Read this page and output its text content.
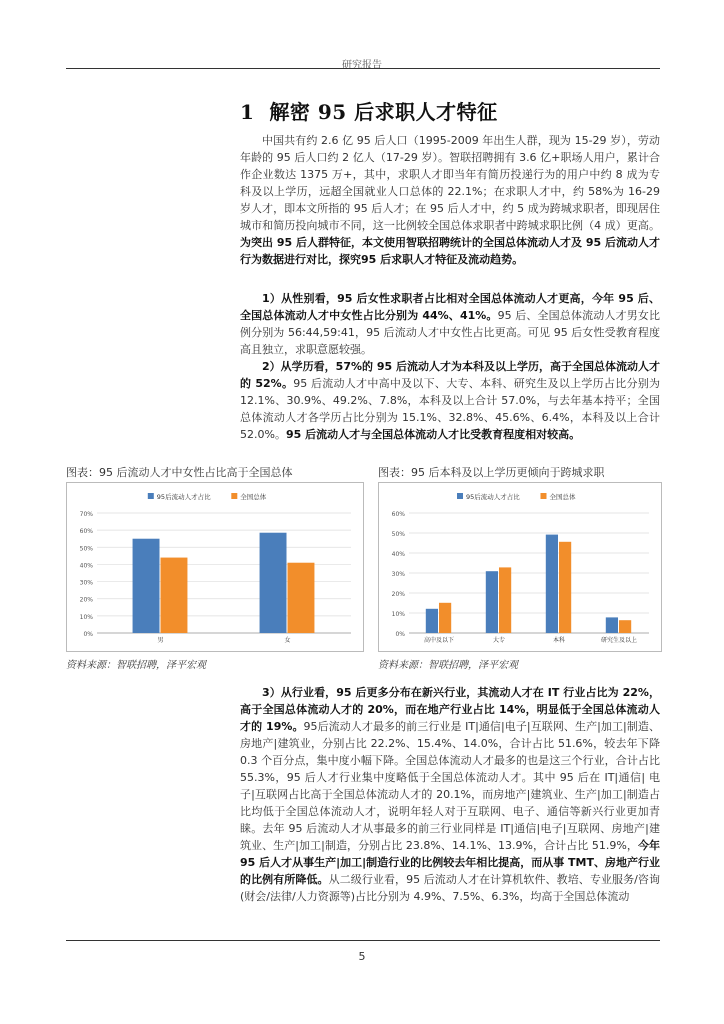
研究报告
1 解密 95 后求职人才特征

中国共有约 2.6 亿 95 后人口（1995-2009 年出生人群，现为 15-29 岁），劳动年龄的 95 后人口约 2 亿人（17-29 岁）。智联招聘拥有 3.6 亿+职场人用户，累计合作企业数达 1375 万+，其中，求职人才即当年有简历投递行为的用户中约 8 成为专科及以上学历，远超全国就业人口总体的 22.1%；在求职人才中，约 58%为 16-29 岁人才，即本文所指的 95 后人才；在 95 后人才中，约 5 成为跨城求职者，即现居住城市和简历投向城市不同，这一比例较全国总体求职者中跨城求职比例（4 成）更高。为突出 95 后人群特征，本文使用智联招聘统计的全国总体流动人才及 95 后流动人才行为数据进行对比，探究95 后求职人才特征及流动趋势。

1）从性别看，95 后女性求职者占比相对全国总体流动人才更高，今年 95 后、全国总体流动人才中女性占比分别为 44%、41%。95 后、全国总体流动人才男女比例分别为 56:44,59:41，95 后流动人才中女性占比更高。可见 95 后女性受教育程度高且独立，求职意愿较强。

2）从学历看，57%的 95 后流动人才为本科及以上学历，高于全国总体流动人才的 52%。95 后流动人才中高中及以下、大专、本科、研究生及以上学历占比分别为 12.1%、30.9%、49.2%、7.8%，本科及以上合计 57.0%，与去年基本持平；全国总体流动人才各学历占比分别为 15.1%、32.8%、45.6%、6.4%，本科及以上合计 52.0%。95 后流动人才与全国总体流动人才比受教育程度相对较高。

图表：95 后流动人才中女性占比高于全国总体
0%
10%
20%
30%
40%
50%
60%
70%
男	女
95后流动人才占比	全国总体
资料来源：智联招聘，泽平宏观
图表：95 后本科及以上学历更倾向于跨城求职
0%
10%
20%
30%
40%
50%
60%
高中及以下	大专	本科	研究生及以上
95后流动人才占比	全国总体
资料来源：智联招聘，泽平宏观

3）从行业看，95 后更多分布在新兴行业，其流动人才在 IT 行业占比为 22%，高于全国总体流动人才的 20%，而在地产行业占比 14%，明显低于全国总体流动人才的 19%。95后流动人才最多的前三行业是 IT|通信|电子|互联网、生产|加工|制造、房地产|建筑业，分别占比 22.2%、15.4%、14.0%，合计占比 51.6%，较去年下降 0.3 个百分点，集中度小幅下降。全国总体流动人才最多的也是这三个行业，合计占比 55.3%，95 后人才行业集中度略低于全国总体流动人才。其中 95 后在 IT|通信| 电子|互联网占比高于全国总体流动人才的 20.1%，而房地产|建筑业、生产|加工|制造占比均低于全国总体流动人才，说明年轻人对于互联网、电子、通信等新兴行业更加青睐。去年 95 后流动人才从事最多的前三行业同样是 IT|通信|电子|互联网、房地产|建筑业、生产|加工|制造，分别占比 23.8%、14.1%、13.9%，合计占比 51.9%，今年 95 后人才从事生产|加工|制造行业的比例较去年相比提高，而从事 TMT、房地产行业的比例有所降低。从二级行业看，95 后流动人才在计算机软件、教培、专业服务/咨询(财会/法律/人力资源等)占比分别为 4.9%、7.5%、6.3%，均高于全国总体流动

5
